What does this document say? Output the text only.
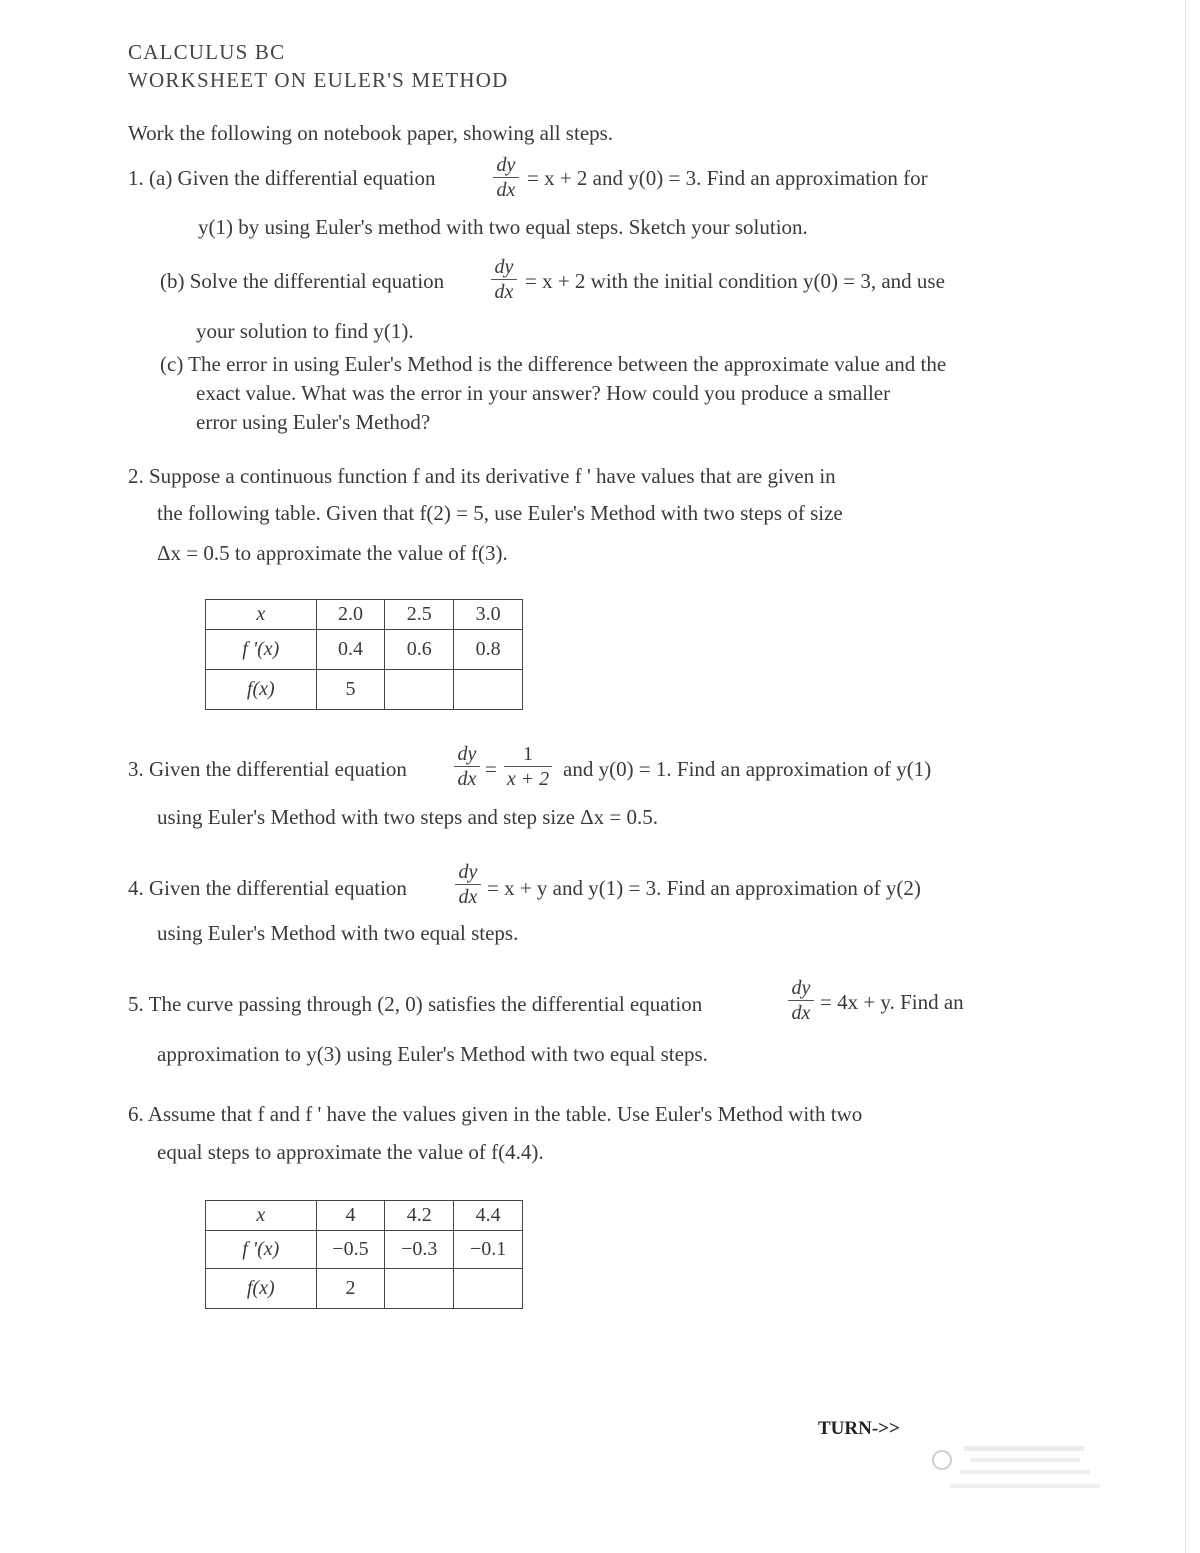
CALCULUS BC
WORKSHEET ON EULER'S METHOD
Work the following on notebook paper, showing all steps.
1. (a) Given the differential equation
dy
dx = x + 2 and y(0) = 3. Find an approximation for
y(1) by using Euler's method with two equal steps. Sketch your solution.
(b) Solve the differential equation
dy
dx = x + 2 with the initial condition y(0) = 3, and use
your solution to find y(1).
(c) The error in using Euler's Method is the difference between the approximate value and the
exact value. What was the error in your answer? How could you produce a smaller
error using Euler's Method?
2. Suppose a continuous function f and its derivative f ' have values that are given in
the following table. Given that f(2) = 5, use Euler's Method with two steps of size
Δx = 0.5 to approximate the value of f(3).
x	2.0	2.5	3.0
f '(x)	0.4	0.6	0.8
f(x)	5		
3. Given the differential equation
dy
dx =
1
x + 2 and y(0) = 1. Find an approximation of y(1)
using Euler's Method with two steps and step size Δx = 0.5.
4. Given the differential equation
dy
dx = x + y and y(1) = 3. Find an approximation of y(2)
using Euler's Method with two equal steps.
5. The curve passing through (2, 0) satisfies the differential equation
dy
dx = 4x + y. Find an
approximation to y(3) using Euler's Method with two equal steps.
6. Assume that f and f ' have the values given in the table. Use Euler's Method with two
equal steps to approximate the value of f(4.4).
x	4	4.2	4.4
f '(x)	−0.5	−0.3	−0.1
f(x)	2		
TURN->>
